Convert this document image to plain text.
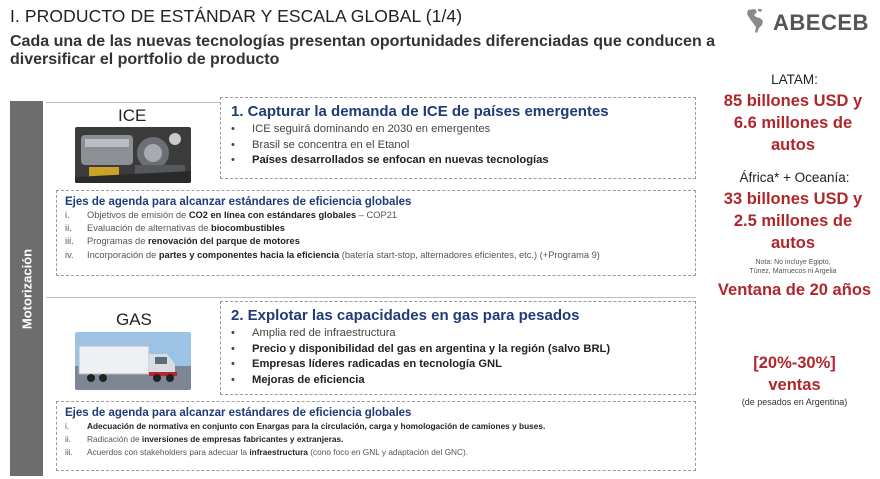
I. PRODUCTO DE ESTÁNDAR Y ESCALA GLOBAL (1/4)
Cada una de las nuevas tecnologías presentan oportunidades diferenciadas que conducen a diversificar el portfolio de producto
ABECEB
Motorización
ICE	1. Capturar la demanda de ICE de países emergentes
• ICE seguirá dominando en 2030 en emergentes
• Brasil se concentra en el Etanol
• Países desarrollados se enfocan en nuevas tecnologías
Ejes de agenda para alcanzar estándares de eficiencia globales
i. Objetivos de emisión de CO2 en línea con estándares globales – COP21
ii. Evaluación de alternativas de biocombustibles
iii. Programas de renovación del parque de motores
iv. Incorporación de partes y componentes hacia la eficiencia (batería start-stop, alternadores eficientes, etc.) (+Programa 9)
GAS	2. Explotar las capacidades en gas para pesados
• Amplia red de infraestructura
• Precio y disponibilidad del gas en argentina y la región (salvo BRL)
• Empresas líderes radicadas en tecnología GNL
• Mejoras de eficiencia
Ejes de agenda para alcanzar estándares de eficiencia globales
i. Adecuación de normativa en conjunto con Enargas para la circulación, carga y homologación de camiones y buses.
ii. Radicación de inversiones de empresas fabricantes y extranjeras.
iii. Acuerdos con stakeholders para adecuar la infraestructura (cono foco en GNL y adaptación del GNC).
LATAM:
85 billones USD y 6.6 millones de autos
África* + Oceanía:
33 billones USD y 2.5 millones de autos
Nota: No incluye Egipto, Túnez, Marruecos ni Argelia
Ventana de 20 años
[20%-30%]
ventas
(de pesados en Argentina)
